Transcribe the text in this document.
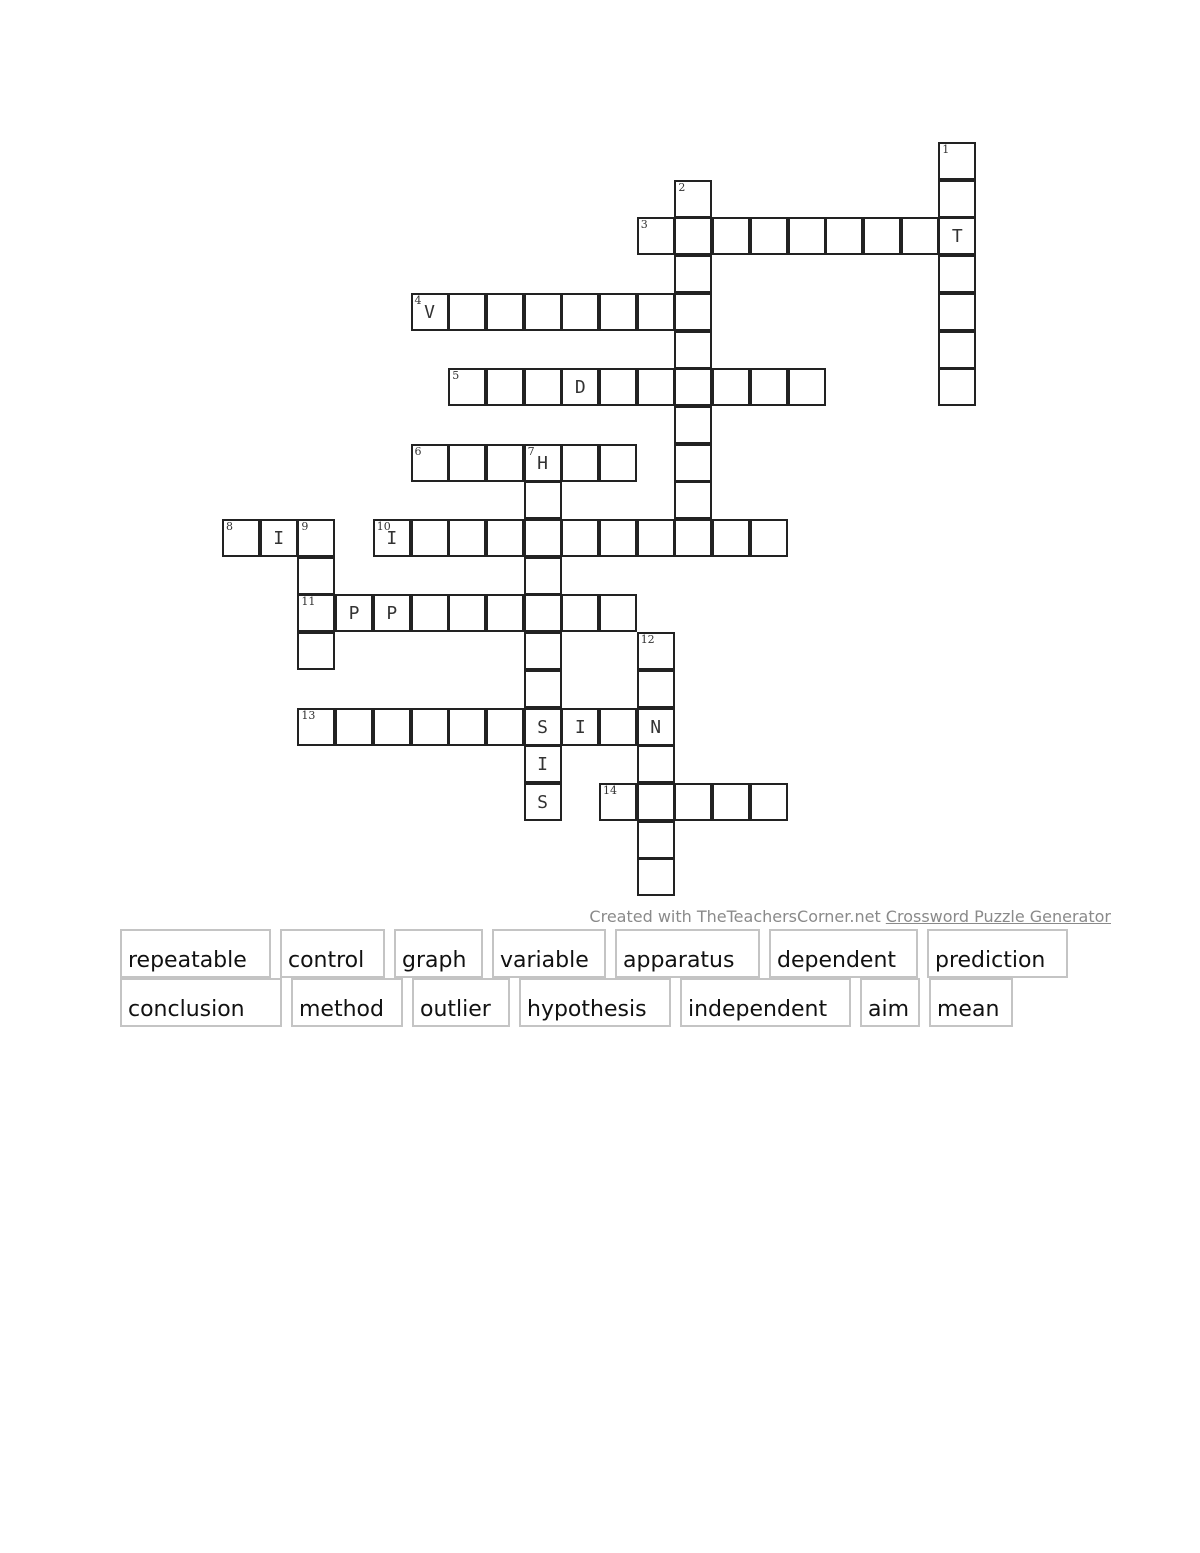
1
2
3
T
4
V
5
D
6	7
H
8
I
9	10
I
11
P	P
12
13
S	I	N
I
S
14
Created with TheTeachersCorner.net Crossword Puzzle Generator
repeatable	control	graph	variable	apparatus	dependent	prediction
conclusion	method	outlier	hypothesis	independent	aim	mean
